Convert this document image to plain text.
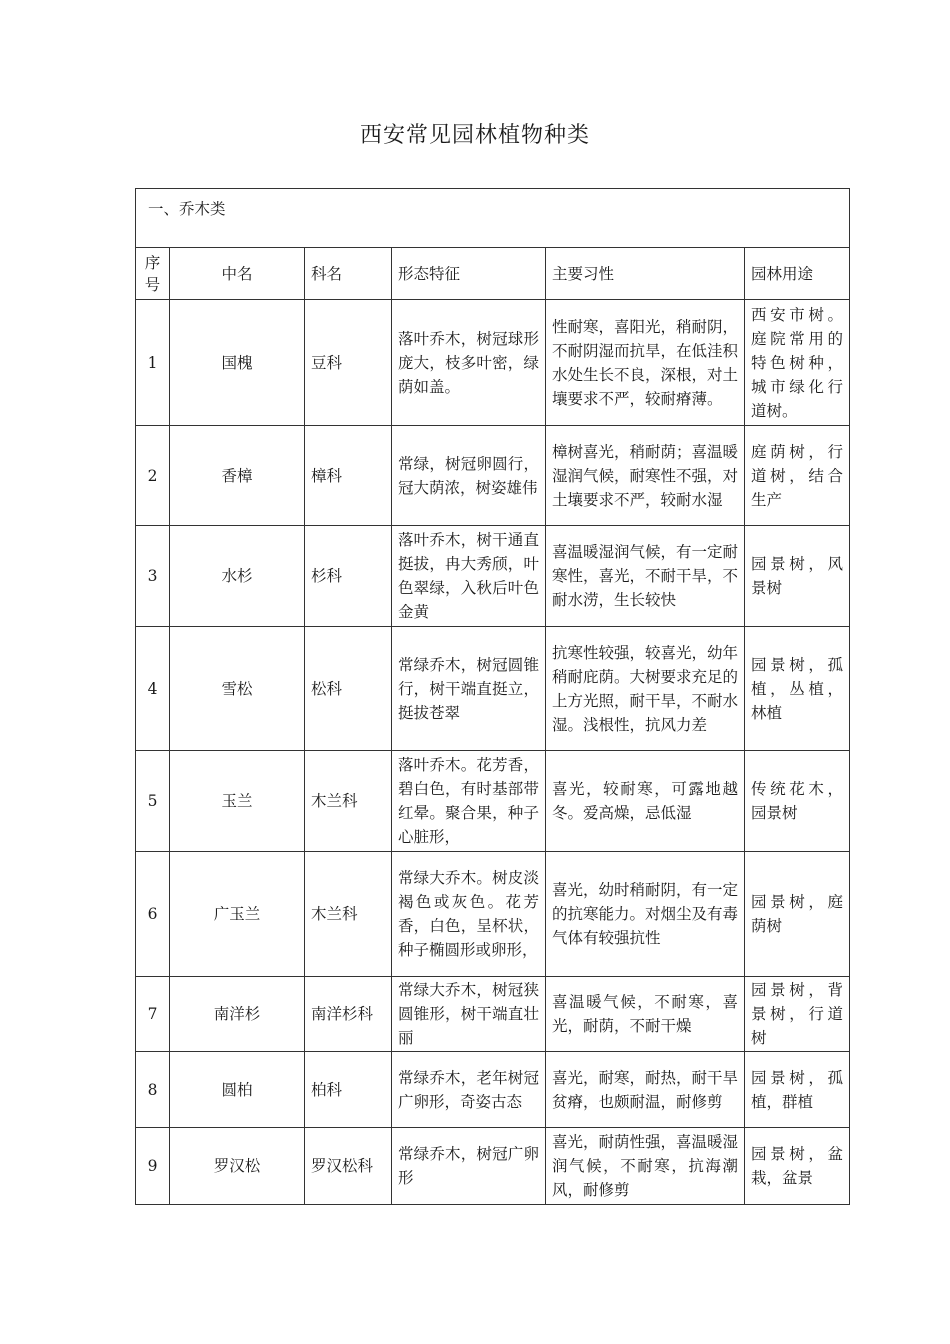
西安常见园林植物种类
一、乔木类					
序号	中名	科名	形态特征	主要习性	园林用途
1	国槐	豆科	落叶乔木，树冠球形庞大，枝多叶密，绿荫如盖。	性耐寒，喜阳光，稍耐阴，不耐阴湿而抗旱，在低洼积水处生长不良，深根，对土壤要求不严，较耐瘠薄。	西安市树。庭院常用的特色树种，城市绿化行道树。
2	香樟	樟科	常绿，树冠卵圆行，冠大荫浓，树姿雄伟	樟树喜光，稍耐荫；喜温暖湿润气候，耐寒性不强，对土壤要求不严，较耐水湿	庭荫树，行道树，结合生产
3	水杉	杉科	落叶乔木，树干通直挺拔，冉大秀颀，叶色翠绿，入秋后叶色金黄	喜温暖湿润气候，有一定耐寒性，喜光，不耐干旱，不耐水涝，生长较快	园景树，风景树
4	雪松	松科	常绿乔木，树冠圆锥行，树干端直挺立，挺拔苍翠	抗寒性较强，较喜光，幼年稍耐庇荫。大树要求充足的上方光照，耐干旱，不耐水湿。浅根性，抗风力差	园景树，孤植，丛植，林植
5	玉兰	木兰科	落叶乔木。花芳香，碧白色，有时基部带红晕。聚合果，种子心脏形，	喜光，较耐寒，可露地越冬。爱高燥，忌低湿	传统花木，园景树
6	广玉兰	木兰科	常绿大乔木。树皮淡褐色或灰色。花芳香，白色，呈杯状，种子椭圆形或卵形，	喜光，幼时稍耐阴，有一定的抗寒能力。对烟尘及有毒气体有较强抗性	园景树，庭荫树
7	南洋杉	南洋杉科	常绿大乔木，树冠狭圆锥形，树干端直壮丽	喜温暖气候，不耐寒，喜光，耐荫，不耐干燥	园景树，背景树，行道树
8	圆柏	柏科	常绿乔木，老年树冠广卵形，奇姿古态	喜光，耐寒，耐热，耐干旱贫瘠，也颇耐温，耐修剪	园景树，孤植，群植
9	罗汉松	罗汉松科	常绿乔木，树冠广卵形	喜光，耐荫性强，喜温暖湿润气候，不耐寒，抗海潮风，耐修剪	园景树，盆栽，盆景
